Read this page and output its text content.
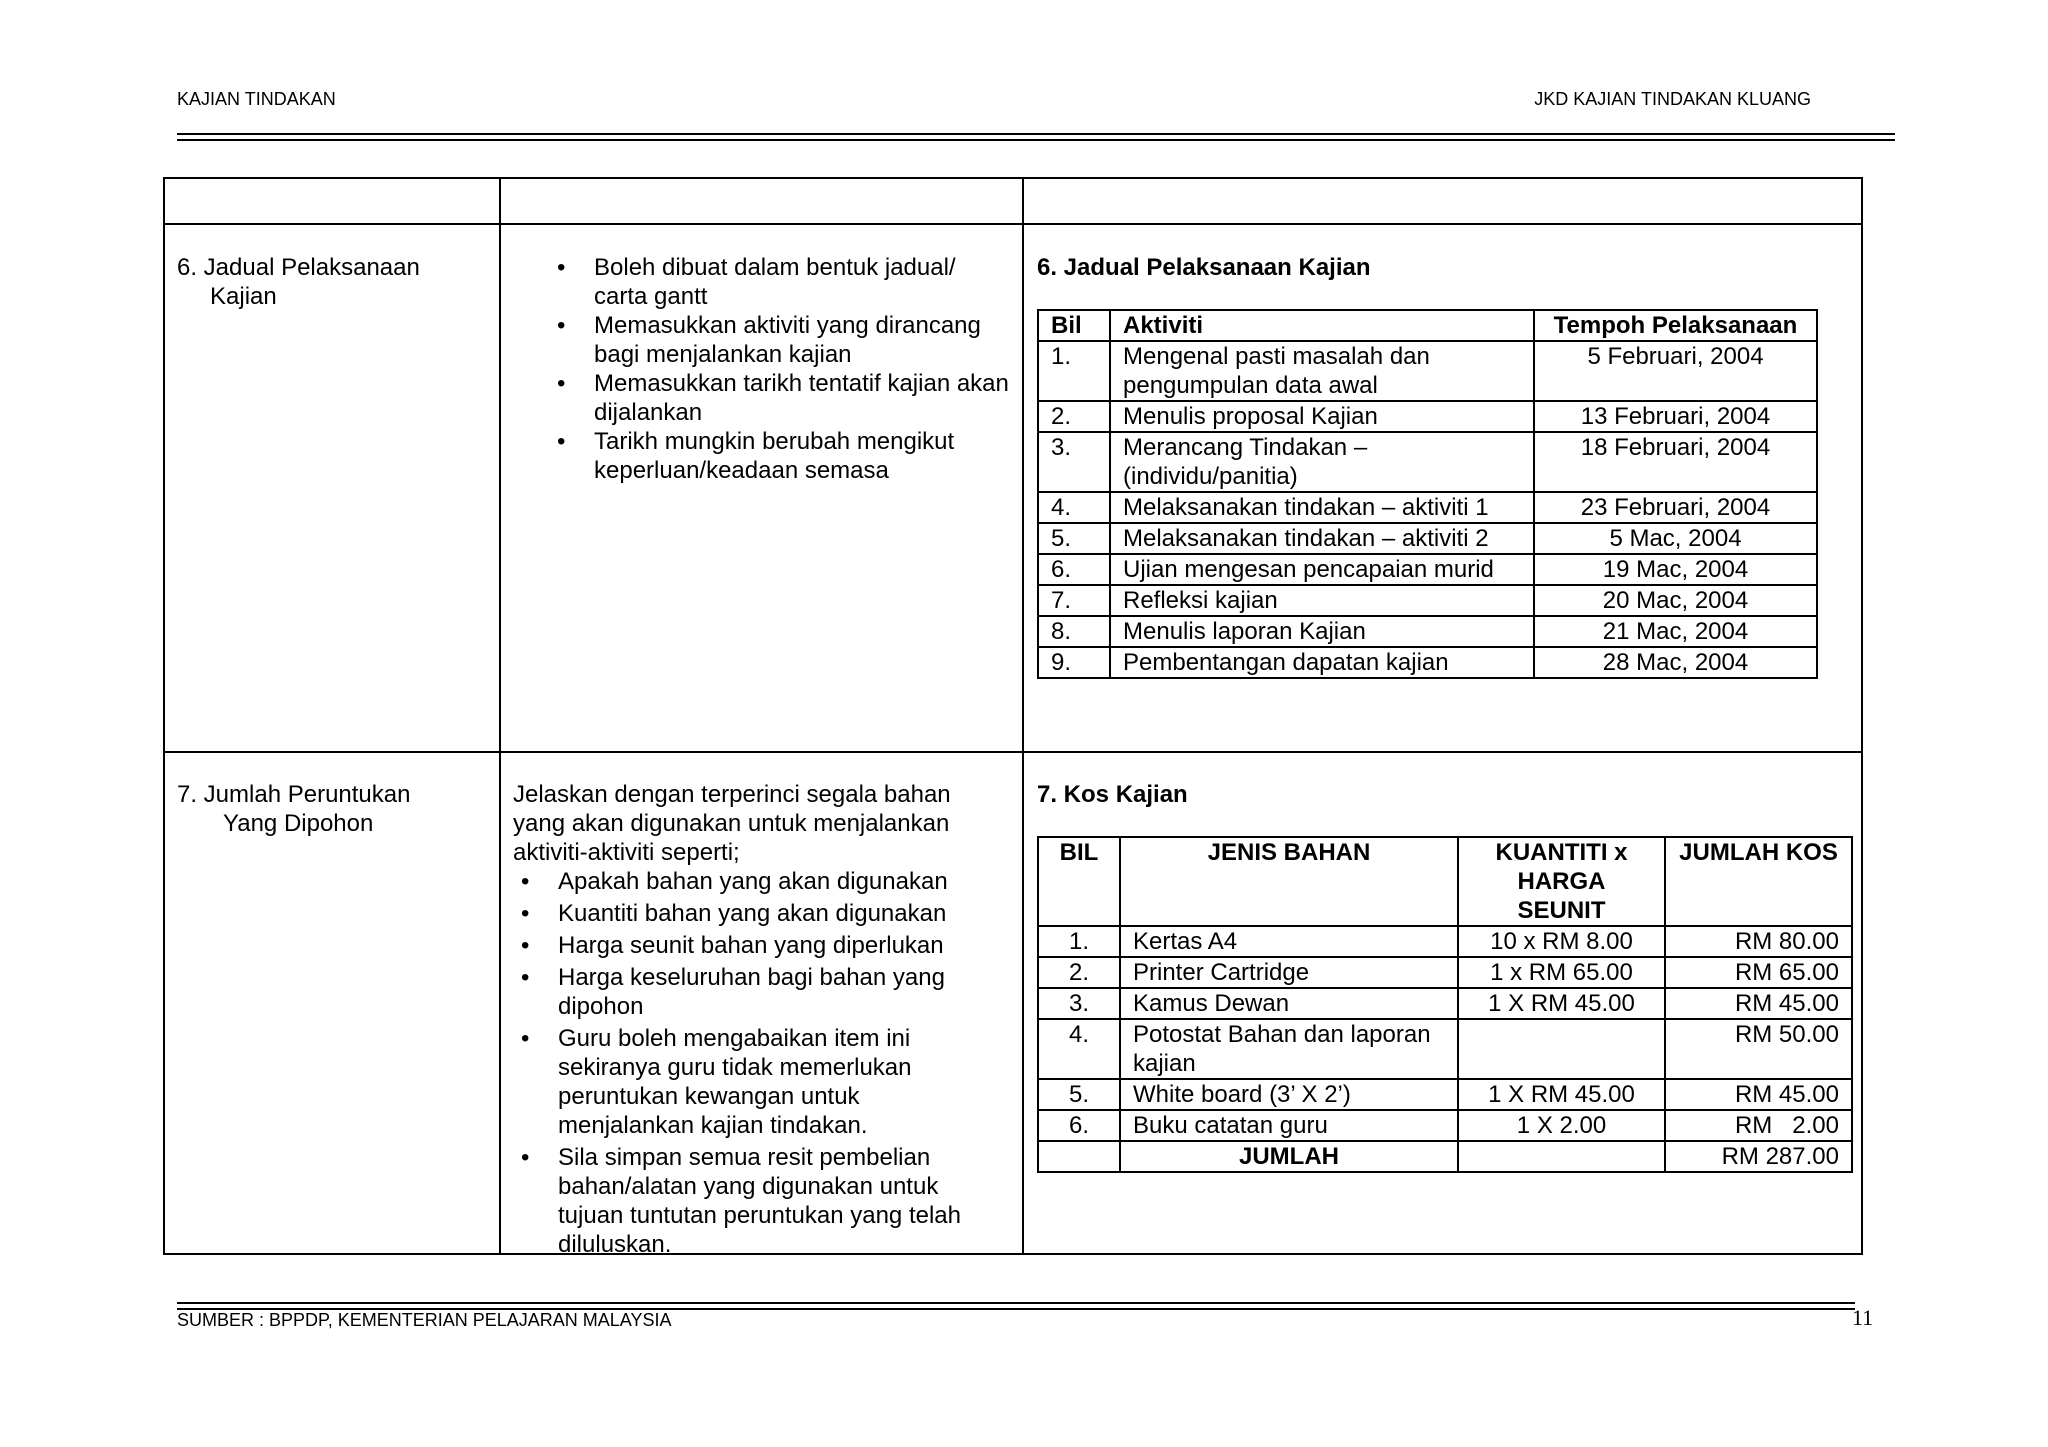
KAJIAN TINDAKAN	JKD KAJIAN TINDAKAN KLUANG
6. Jadual Pelaksanaan
Kajian
• Boleh dibuat dalam bentuk jadual/ carta gantt
• Memasukkan aktiviti yang dirancang bagi menjalankan kajian
• Memasukkan tarikh tentatif kajian akan dijalankan
• Tarikh mungkin berubah mengikut keperluan/keadaan semasa
6. Jadual Pelaksanaan Kajian
Bil	Aktiviti	Tempoh Pelaksanaan
1.	Mengenal pasti masalah dan pengumpulan data awal	5 Februari, 2004
2.	Menulis proposal Kajian	13 Februari, 2004
3.	Merancang Tindakan – (individu/panitia)	18 Februari, 2004
4.	Melaksanakan tindakan – aktiviti 1	23 Februari, 2004
5.	Melaksanakan tindakan – aktiviti 2	5 Mac, 2004
6.	Ujian mengesan pencapaian murid	19 Mac, 2004
7.	Refleksi kajian	20 Mac, 2004
8.	Menulis laporan Kajian	21 Mac, 2004
9.	Pembentangan dapatan kajian	28 Mac, 2004
7. Jumlah Peruntukan
Yang Dipohon
Jelaskan dengan terperinci segala bahan yang akan digunakan untuk menjalankan aktiviti-aktiviti seperti;
• Apakah bahan yang akan digunakan
• Kuantiti bahan yang akan digunakan
• Harga seunit bahan yang diperlukan
• Harga keseluruhan bagi bahan yang dipohon
• Guru boleh mengabaikan item ini sekiranya guru tidak memerlukan peruntukan kewangan untuk menjalankan kajian tindakan.
• Sila simpan semua resit pembelian bahan/alatan yang digunakan untuk tujuan tuntutan peruntukan yang telah diluluskan.
7. Kos Kajian
BIL	JENIS BAHAN	KUANTITI x HARGA SEUNIT	JUMLAH KOS
1.	Kertas A4	10 x RM 8.00	RM 80.00
2.	Printer Cartridge	1 x RM 65.00	RM 65.00
3.	Kamus Dewan	1 X RM 45.00	RM 45.00
4.	Potostat Bahan dan laporan kajian		RM 50.00
5.	White board (3’ X 2’)	1 X RM 45.00	RM 45.00
6.	Buku catatan guru	1 X 2.00	RM   2.00
	JUMLAH		RM 287.00
SUMBER : BPPDP, KEMENTERIAN PELAJARAN MALAYSIA	11
